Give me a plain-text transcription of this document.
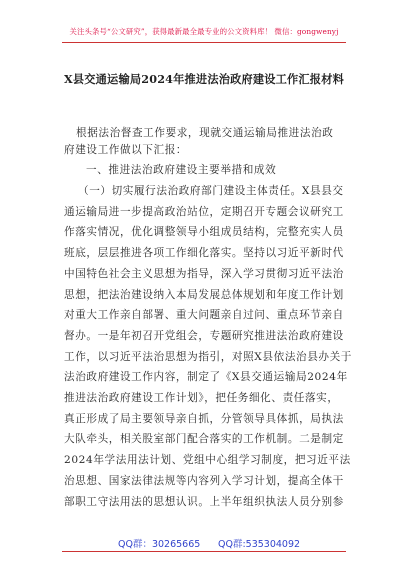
关注头条号“公文研究”，获得最新最全最专业的公文资料库！ 微信：gongwenyj
X县交通运输局2024年推进法治政府建设工作汇报材料
根据法治督查工作要求，现就交通运输局推进法治政
府建设工作做以下汇报：
一、推进法治政府建设主要举措和成效
（一）切实履行法治政府部门建设主体责任。X县县交
通运输局进一步提高政治站位，定期召开专题会议研究工
作落实情况，优化调整领导小组成员结构，完整充实人员
班底，层层推进各项工作细化落实。坚持以习近平新时代
中国特色社会主义思想为指导，深入学习贯彻习近平法治
思想，把法治建设纳入本局发展总体规划和年度工作计划
对重大工作亲自部署、重大问题亲自过问、重点环节亲自
督办。一是年初召开党组会，专题研究推进法治政府建设
工作，以习近平法治思想为指引，对照X县依法治县办关于
法治政府建设工作内容，制定了《X县交通运输局2024年
推进法治政府建设工作计划》，把任务细化、责任落实，
真正形成了局主要领导亲自抓，分管领导具体抓，局执法
大队牵头，相关股室部门配合落实的工作机制。二是制定
2024年学法用法计划、党组中心组学习制度，把习近平法
治思想、国家法律法规等内容列入学习计划，提高全体干
部职工守法用法的思想认识。上半年组织执法人员分别参
QQ群：30265665 QQ群:535304092
